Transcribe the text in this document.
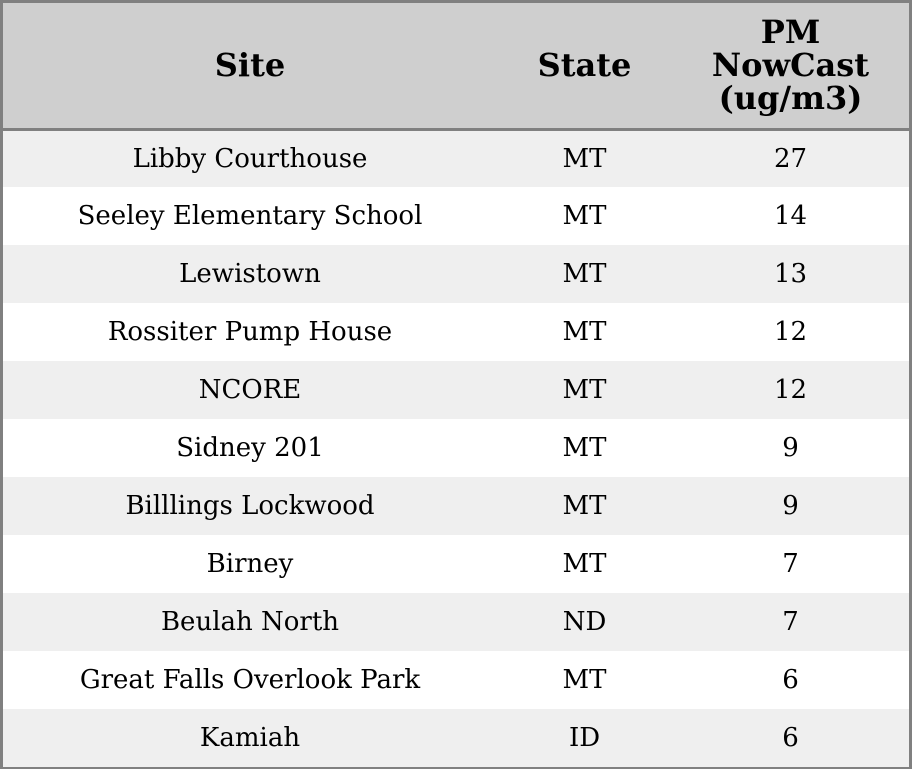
Site	State	PM
NowCast
(ug/m3)
Libby Courthouse	MT	27
Seeley Elementary School	MT	14
Lewistown	MT	13
Rossiter Pump House	MT	12
NCORE	MT	12
Sidney 201	MT	9
Billlings Lockwood	MT	9
Birney	MT	7
Beulah North	ND	7
Great Falls Overlook Park	MT	6
Kamiah	ID	6
